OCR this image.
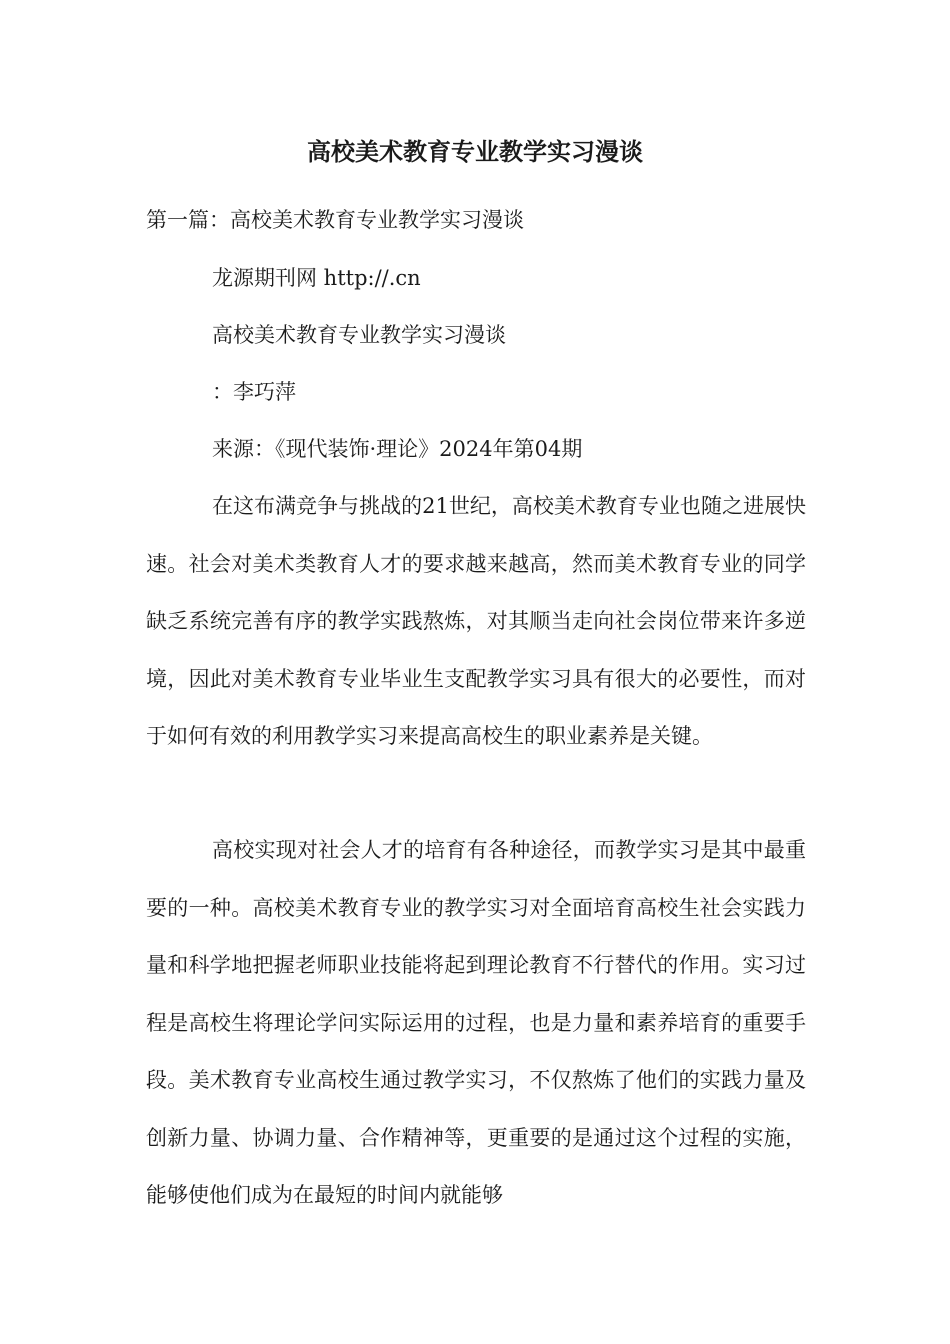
高校美术教育专业教学实习漫谈
第一篇：高校美术教育专业教学实习漫谈
龙源期刊网 http://.cn
高校美术教育专业教学实习漫谈
：李巧萍
来源：《现代装饰·理论》2024年第04期
在这布满竞争与挑战的21世纪，高校美术教育专业也随之进展快速。社会对美术类教育人才的要求越来越高，然而美术教育专业的同学缺乏系统完善有序的教学实践熬炼，对其顺当走向社会岗位带来许多逆境，因此对美术教育专业毕业生支配教学实习具有很大的必要性，而对于如何有效的利用教学实习来提高高校生的职业素养是关键。
高校实现对社会人才的培育有各种途径，而教学实习是其中最重要的一种。高校美术教育专业的教学实习对全面培育高校生社会实践力量和科学地把握老师职业技能将起到理论教育不行替代的作用。实习过程是高校生将理论学问实际运用的过程，也是力量和素养培育的重要手段。美术教育专业高校生通过教学实习，不仅熬炼了他们的实践力量及创新力量、协调力量、合作精神等，更重要的是通过这个过程的实施，能够使他们成为在最短的时间内就能够
